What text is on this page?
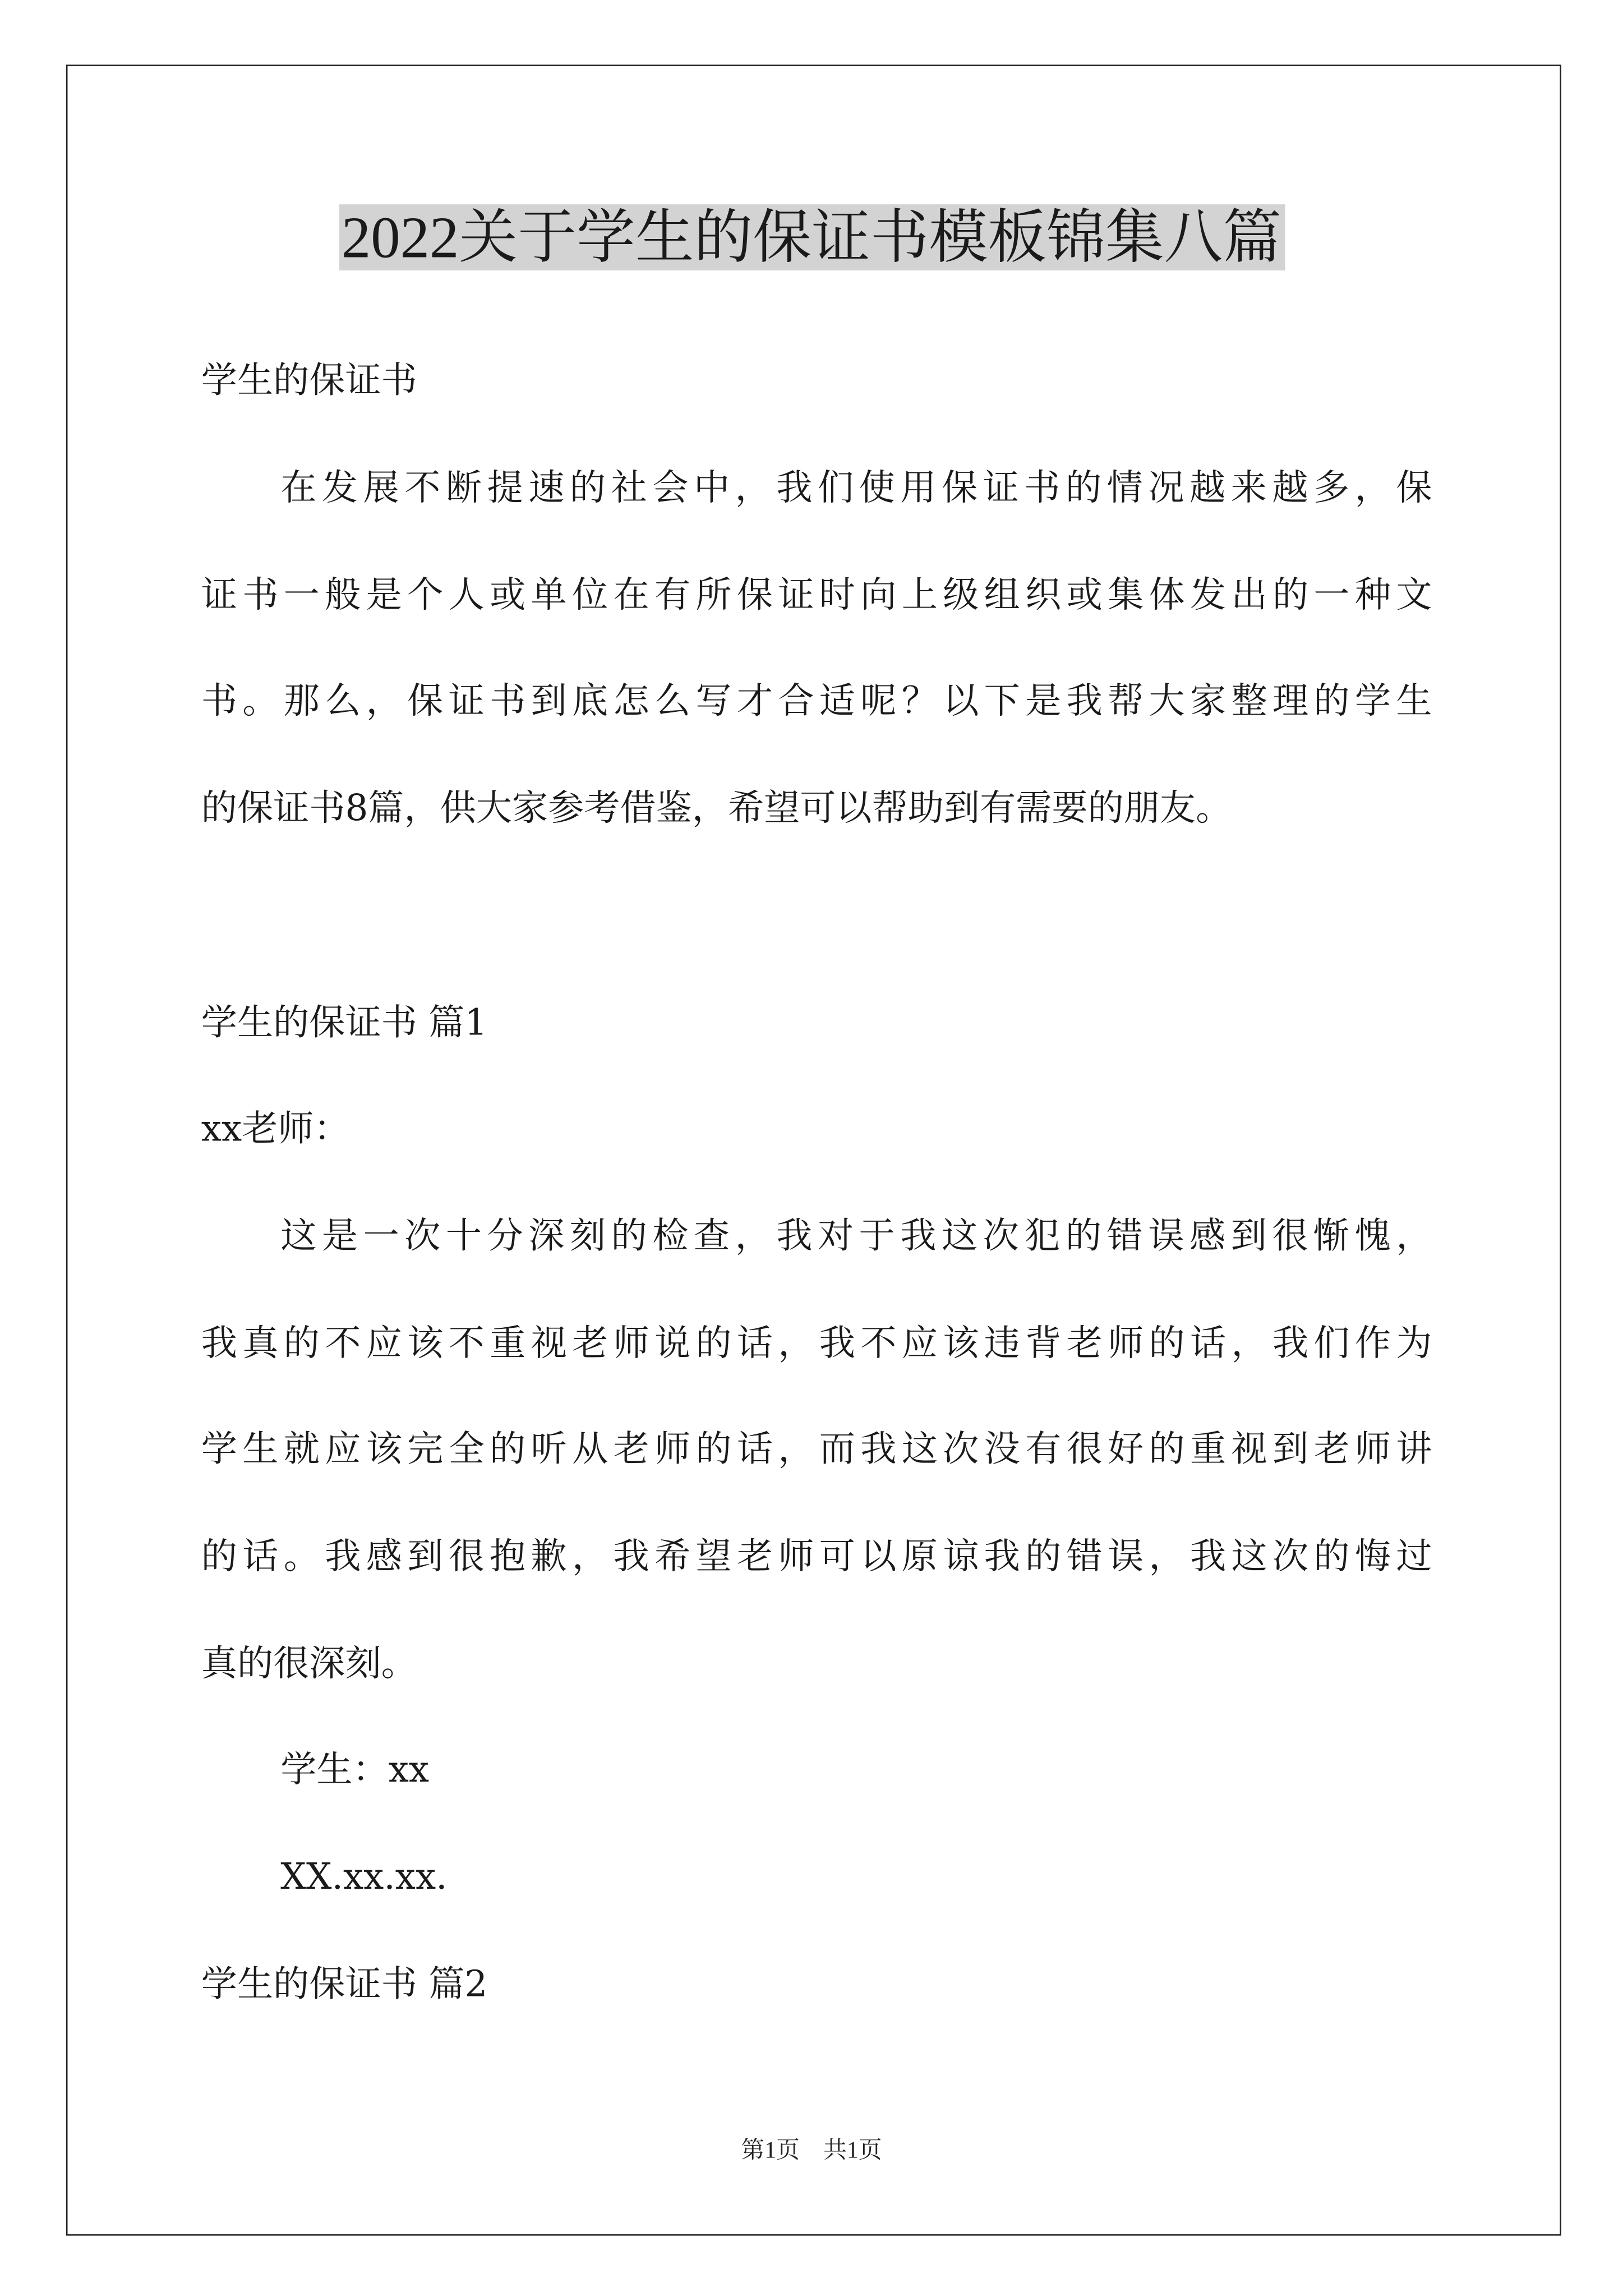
2022关于学生的保证书模板锦集八篇
学生的保证书
在发展不断提速的社会中，我们使用保证书的情况越来越多，保
证书一般是个人或单位在有所保证时向上级组织或集体发出的一种文
书。那么，保证书到底怎么写才合适呢？以下是我帮大家整理的学生
的保证书8篇，供大家参考借鉴，希望可以帮助到有需要的朋友。
学生的保证书 篇1
xx老师：
这是一次十分深刻的检查，我对于我这次犯的错误感到很惭愧，
我真的不应该不重视老师说的话，我不应该违背老师的话，我们作为
学生就应该完全的听从老师的话，而我这次没有很好的重视到老师讲
的话。我感到很抱歉，我希望老师可以原谅我的错误，我这次的悔过
真的很深刻。
学生：xx
XX.xx.xx.
学生的保证书 篇2
第1页	共1页
